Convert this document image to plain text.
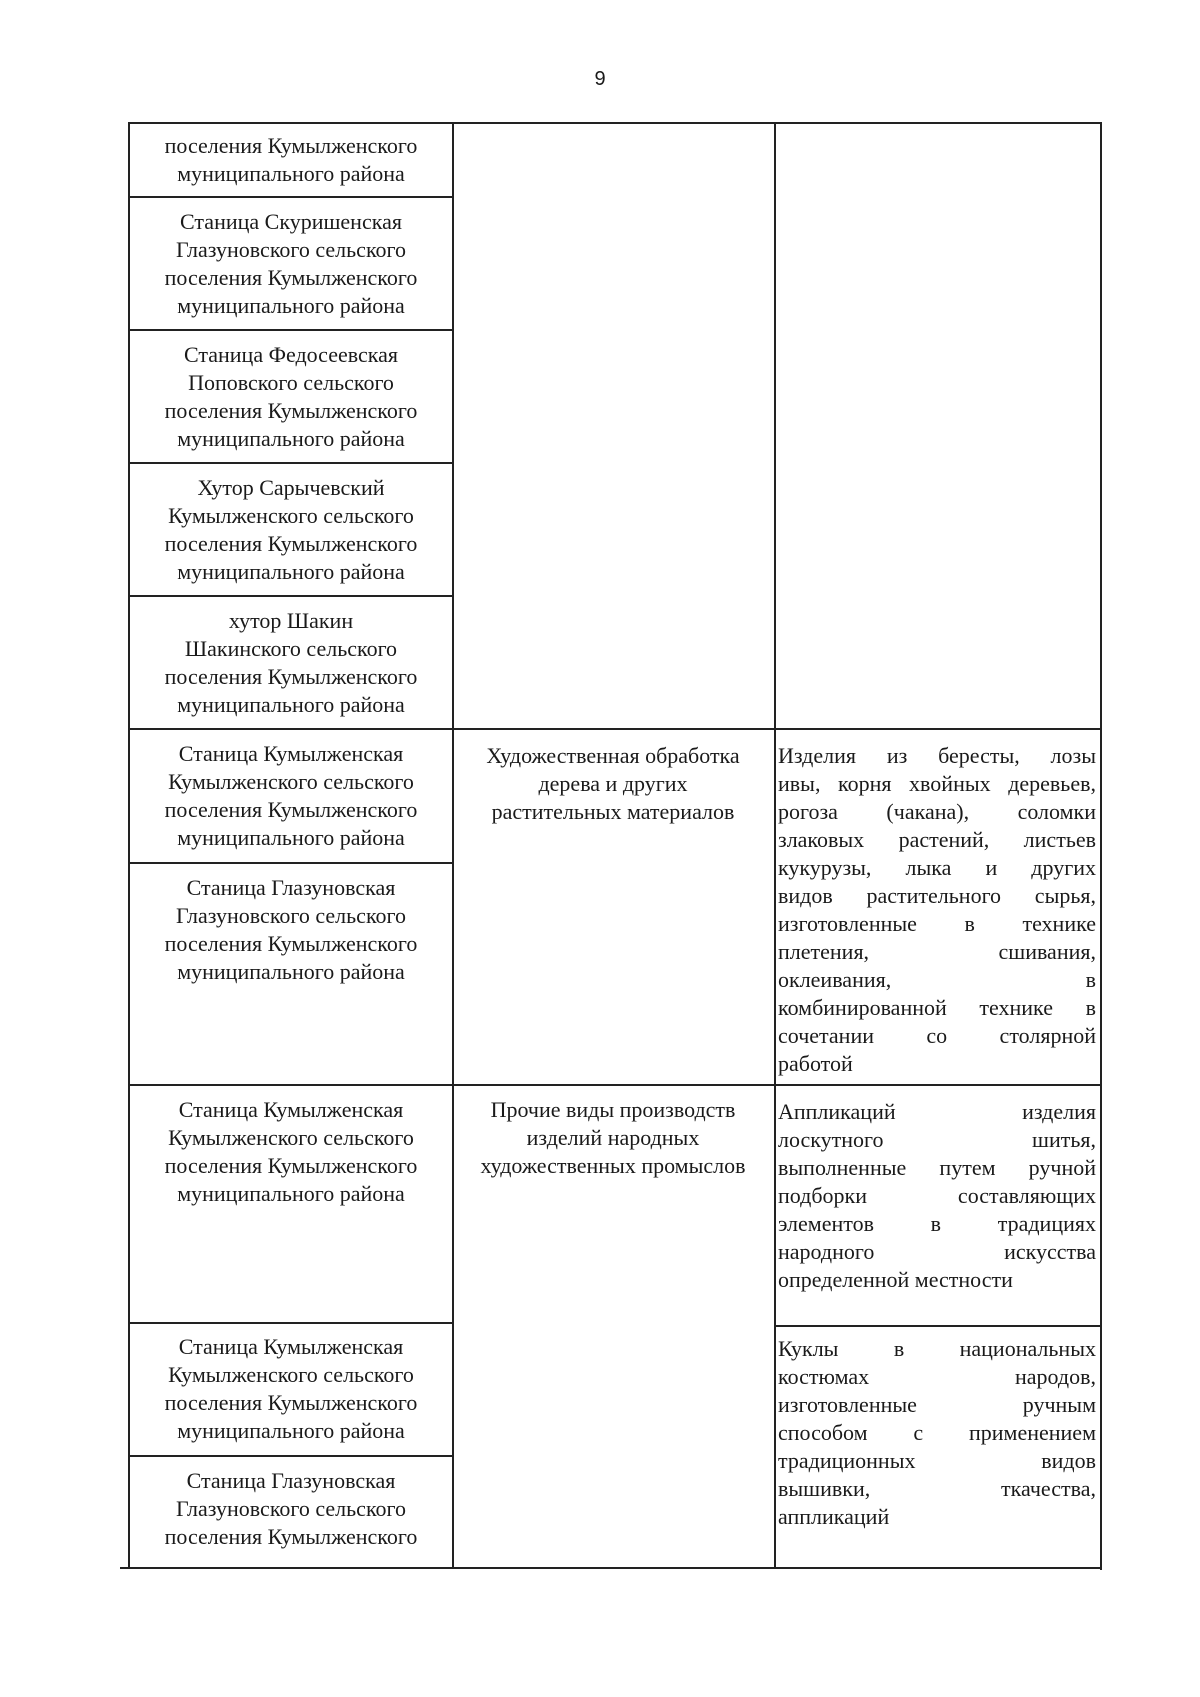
9
поселения Кумылженского
муниципального района
Станица Скуришенская
Глазуновского сельского
поселения Кумылженского
муниципального района
Станица Федосеевская
Поповского сельского
поселения Кумылженского
муниципального района
Хутор Сарычевский
Кумылженского сельского
поселения Кумылженского
муниципального района
хутор Шакин
Шакинского сельского
поселения Кумылженского
муниципального района
Станица Кумылженская
Кумылженского сельского
поселения Кумылженского
муниципального района
Станица Глазуновская
Глазуновского сельского
поселения Кумылженского
муниципального района
Станица Кумылженская
Кумылженского сельского
поселения Кумылженского
муниципального района
Станица Кумылженская
Кумылженского сельского
поселения Кумылженского
муниципального района
Станица Глазуновская
Глазуновского сельского
поселения Кумылженского
Художественная обработка
дерева и других
растительных материалов
Прочие виды производств
изделий народных
художественных промыслов

Изделия из бересты, лозы

ивы, корня хвойных деревьев,

рогоза (чакана), соломки

злаковых растений, листьев

кукурузы, лыка и других

видов растительного сырья,

изготовленные в технике

плетения, сшивания,

оклеивания, в

комбинированной технике в

сочетании со столярной

работой

Аппликаций изделия

лоскутного шитья,

выполненные путем ручной

подборки составляющих

элементов в традициях

народного искусства

определенной местности

Куклы в национальных

костюмах народов,

изготовленные ручным

способом с применением

традиционных видов

вышивки, ткачества,

аппликаций
